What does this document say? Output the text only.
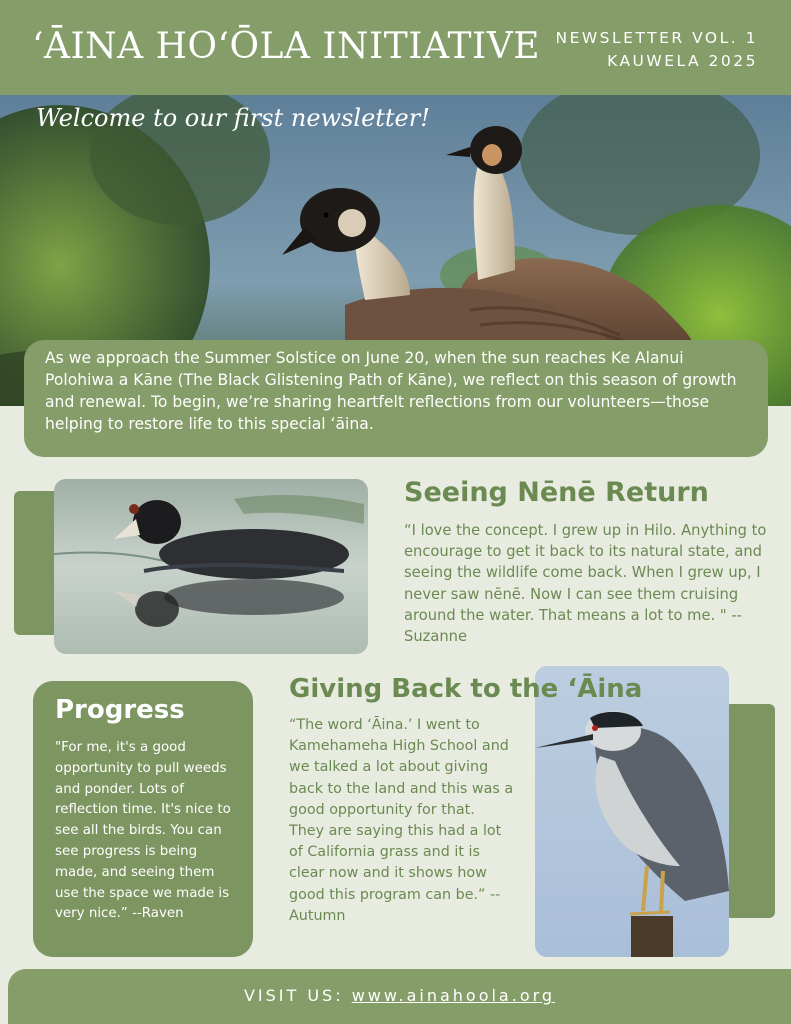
ʻĀINA HOʻŌLA INITIATIVE NEWSLETTER VOL. 1
KAUWELA 2025
Welcome to our first newsletter!
As we approach the Summer Solstice on June 20, when the sun reaches Ke Alanui Polohiwa a Kāne (The Black Glistening Path of Kāne), we reflect on this season of growth and renewal. To begin, we’re sharing heartfelt reflections from our volunteers—those helping to restore life to this special ʻāina.
Seeing Nēnē Return
“I love the concept. I grew up in Hilo. Anything to encourage to get it back to its natural state, and seeing the wildlife come back. When I grew up, I never saw nēnē. Now I can see them cruising around the water. That means a lot to me. " --Suzanne
Progress
"For me, it's a good opportunity to pull weeds and ponder. Lots of reflection time. It's nice to see all the birds. You can see progress is being made, and seeing them use the space we made is very nice.” --Raven
Giving Back to the ʻĀina
“The word ʻĀina.’ I went to Kamehameha High School and we talked a lot about giving back to the land and this was a good opportunity for that. They are saying this had a lot of California grass and it is clear now and it shows how good this program can be.” --Autumn
VISIT US: www.ainahoola.org
